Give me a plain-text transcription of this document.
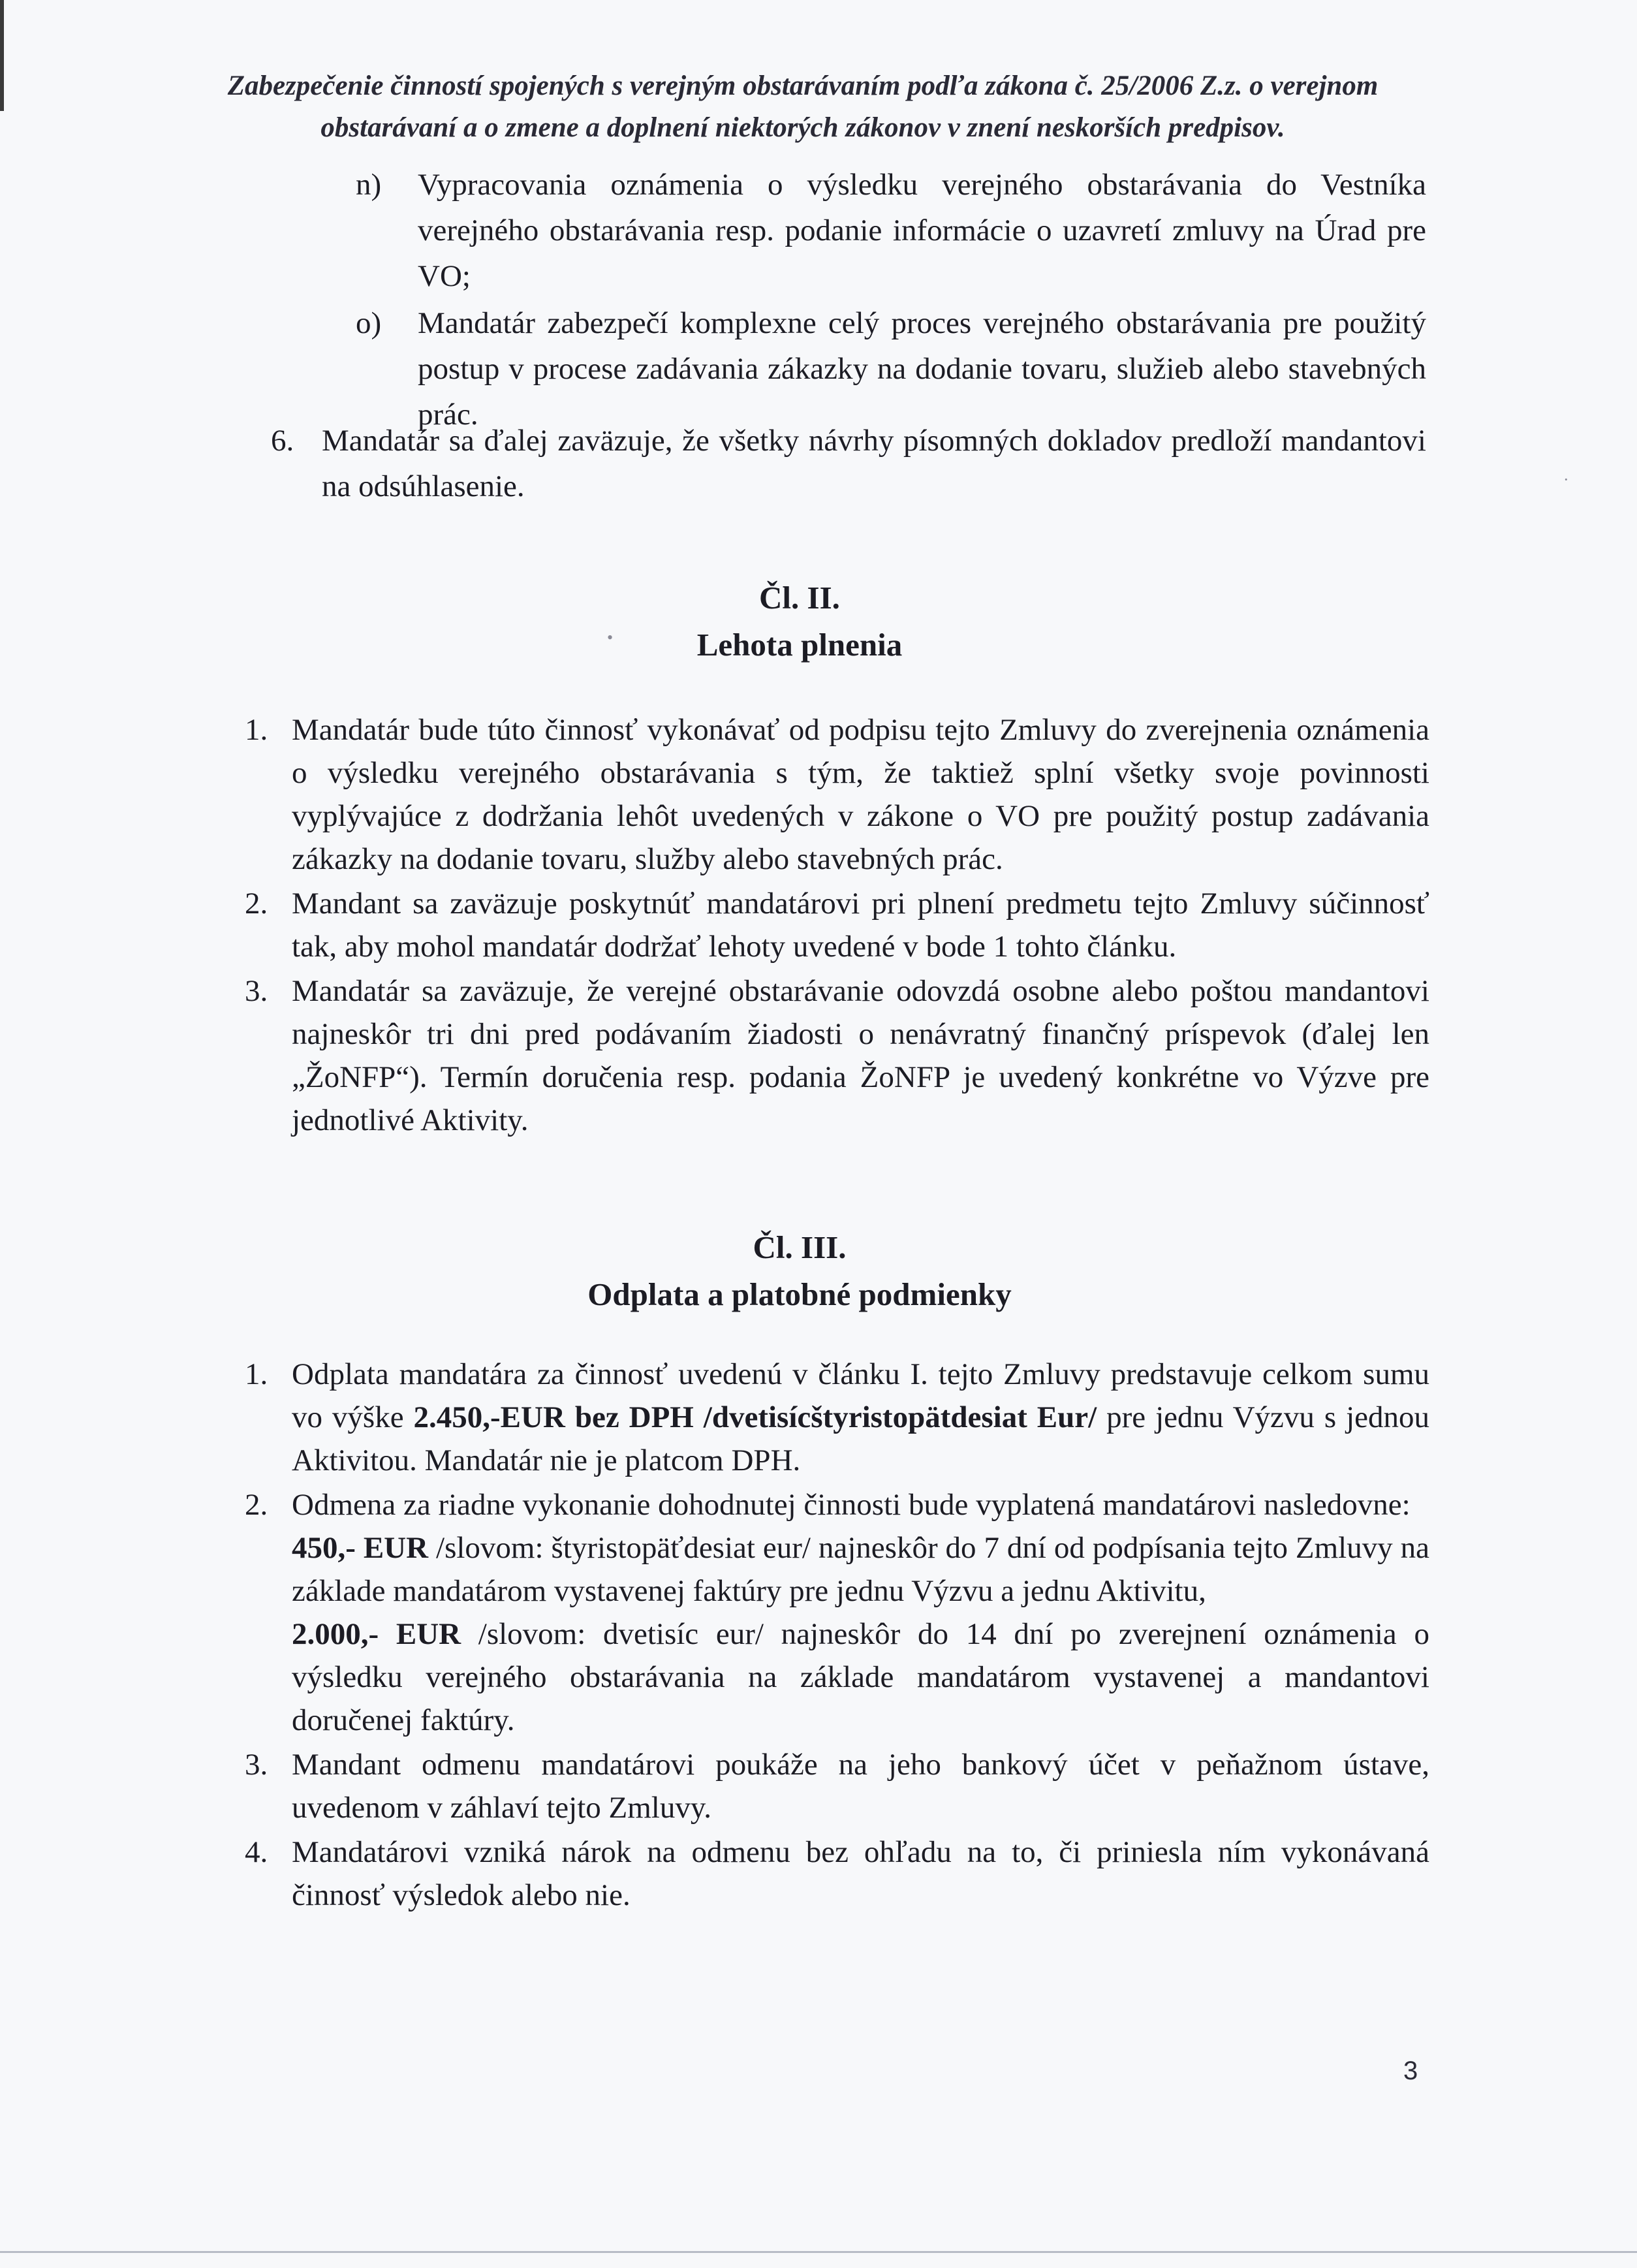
Zabezpečenie činností spojených s verejným obstarávaním podľa zákona č. 25/2006 Z.z. o verejnom
obstarávaní a o zmene a doplnení niektorých zákonov v znení neskorších predpisov.
n) Vypracovania oznámenia o výsledku verejného obstarávania do Vestníka verejného obstarávania resp. podanie informácie o uzavretí zmluvy na Úrad pre VO;
o) Mandatár zabezpečí komplexne celý proces verejného obstarávania pre použitý postup v procese zadávania zákazky na dodanie tovaru, služieb alebo stavebných prác.
6. Mandatár sa ďalej zaväzuje, že všetky návrhy písomných dokladov predloží mandantovi na odsúhlasenie.
Čl. II.
Lehota plnenia
•
·
1. Mandatár bude túto činnosť vykonávať od podpisu tejto Zmluvy do zverejnenia oznámenia o výsledku verejného obstarávania s tým, že taktiež splní všetky svoje povinnosti vyplývajúce z dodržania lehôt uvedených v zákone o VO pre použitý postup zadávania zákazky na dodanie tovaru, služby alebo stavebných prác.
2. Mandant sa zaväzuje poskytnúť mandatárovi pri plnení predmetu tejto Zmluvy súčinnosť tak, aby mohol mandatár dodržať lehoty uvedené v bode 1 tohto článku.
3. Mandatár sa zaväzuje, že verejné obstarávanie odovzdá osobne alebo poštou mandantovi najneskôr tri dni pred podávaním žiadosti o nenávratný finančný príspevok (ďalej len „ŽoNFP“). Termín doručenia resp. podania ŽoNFP je uvedený konkrétne vo Výzve pre jednotlivé Aktivity.
Čl. III.
Odplata a platobné podmienky
1. Odplata mandatára za činnosť uvedenú v článku I. tejto Zmluvy predstavuje celkom sumu vo výške 2.450,-EUR bez DPH /dvetisícštyristopätdesiat Eur/ pre jednu Výzvu s jednou Aktivitou. Mandatár nie je platcom DPH.
2. Odmena za riadne vykonanie dohodnutej činnosti bude vyplatená mandatárovi nasledovne:
450,- EUR /slovom: štyristopäťdesiat eur/ najneskôr do 7 dní od podpísania tejto Zmluvy na základe mandatárom vystavenej faktúry pre jednu Výzvu a jednu Aktivitu,
2.000,- EUR /slovom: dvetisíc eur/ najneskôr do 14 dní po zverejnení oznámenia o výsledku verejného obstarávania na základe mandatárom vystavenej a mandantovi doručenej faktúry.
3. Mandant odmenu mandatárovi poukáže na jeho bankový účet v peňažnom ústave, uvedenom v záhlaví tejto Zmluvy.
4. Mandatárovi vzniká nárok na odmenu bez ohľadu na to, či priniesla ním vykonávaná činnosť výsledok alebo nie.
3
